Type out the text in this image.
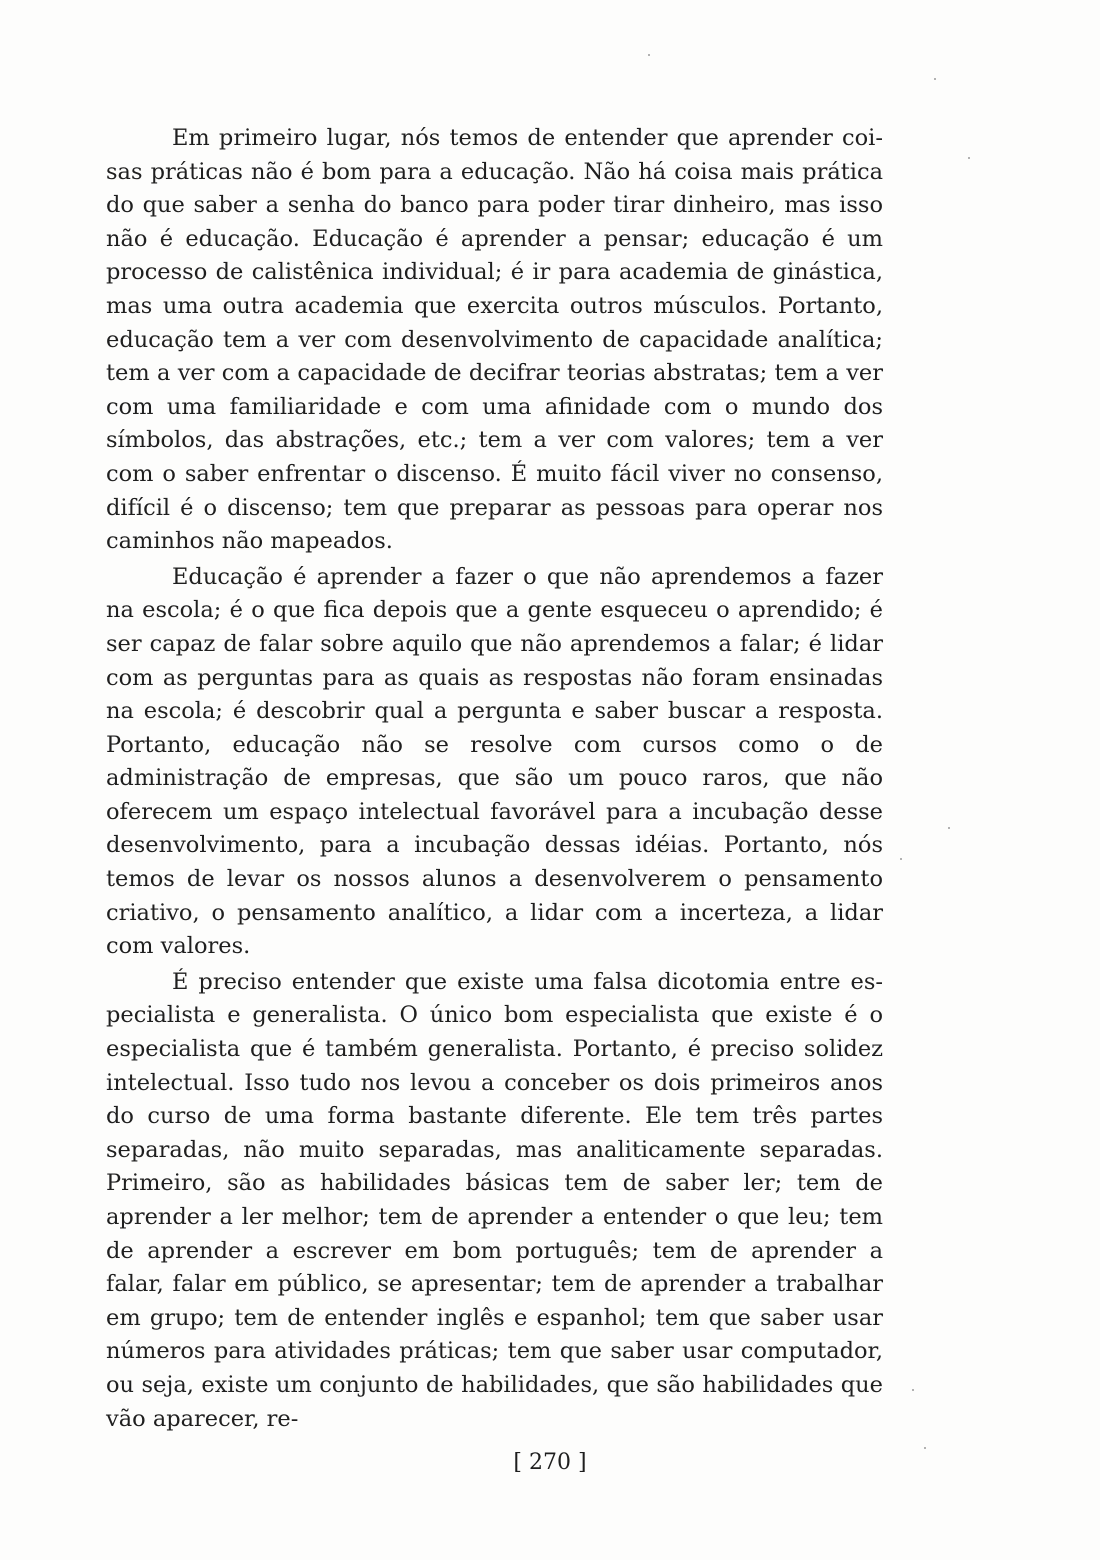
Em primeiro lugar, nós temos de entender que aprender coisas práticas não é bom para a educação. Não há coisa mais prática do que saber a senha do banco para poder tirar dinheiro, mas isso não é educação. Educação é aprender a pensar; educação é um processo de calistênica individual; é ir para academia de ginástica, mas uma outra academia que exercita outros músculos. Portanto, educação tem a ver com desenvolvimento de capacidade analítica; tem a ver com a capacidade de decifrar teorias abstratas; tem a ver com uma familiaridade e com uma afinidade com o mundo dos símbolos, das abstrações, etc.; tem a ver com valores; tem a ver com o saber enfrentar o discenso. É muito fácil viver no consenso, difícil é o discenso; tem que preparar as pessoas para operar nos caminhos não mapeados.

Educação é aprender a fazer o que não aprendemos a fazer na escola; é o que fica depois que a gente esqueceu o aprendido; é ser capaz de falar sobre aquilo que não aprendemos a falar; é lidar com as perguntas para as quais as respostas não foram ensinadas na escola; é descobrir qual a pergunta e saber buscar a resposta. Portanto, educação não se resolve com cursos como o de administração de empresas, que são um pouco raros, que não oferecem um espaço intelectual favorável para a incubação desse desenvolvimento, para a incubação dessas idéias. Portanto, nós temos de levar os nossos alunos a desenvolverem o pensamento criativo, o pensamento analítico, a lidar com a incerteza, a lidar com valores.

É preciso entender que existe uma falsa dicotomia entre especialista e generalista. O único bom especialista que existe é o especialista que é também generalista. Portanto, é preciso solidez intelectual. Isso tudo nos levou a conceber os dois primeiros anos do curso de uma forma bastante diferente. Ele tem três partes separadas, não muito separadas, mas analiticamente separadas. Primeiro, são as habilidades básicas tem de saber ler; tem de aprender a ler melhor; tem de aprender a entender o que leu; tem de aprender a escrever em bom português; tem de aprender a falar, falar em público, se apresentar; tem de aprender a trabalhar em grupo; tem de entender inglês e espanhol; tem que saber usar números para atividades práticas; tem que saber usar computador, ou seja, existe um conjunto de habilidades, que são habilidades que vão aparecer, re-

[ 270 ]
